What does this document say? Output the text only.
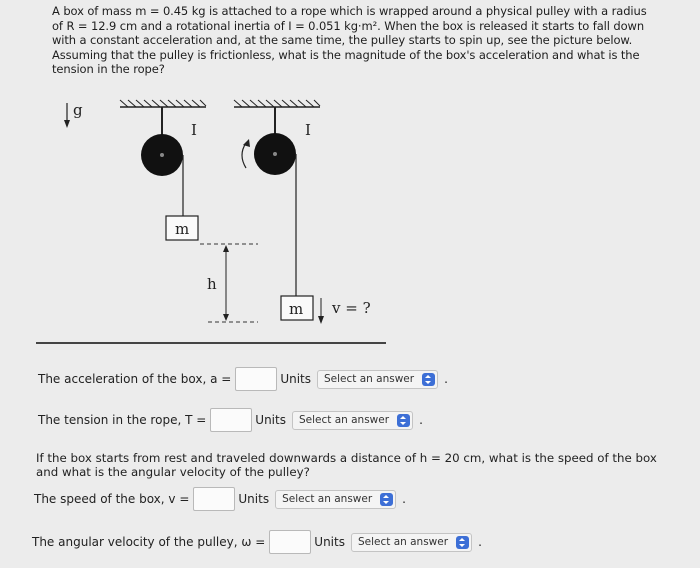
A box of mass m = 0.45 kg is attached to a rope which is wrapped around a physical pulley with a radius of R = 12.9 cm and a rotational inertia of I = 0.051 kg·m². When the box is released it starts to fall down with a constant acceleration and, at the same time, the pulley starts to spin up, see the picture below. Assuming that the pulley is frictionless, what is the magnitude of the box's acceleration and what is the tension in the rope?
g
I
m
h
I
m v = ?
The acceleration of the box, a =	Units Select an answer	.
The tension in the rope, T =	Units Select an answer	.
If the box starts from rest and traveled downwards a distance of h = 20 cm, what is the speed of the box and what is the angular velocity of the pulley?
The speed of the box, v =	Units Select an answer	.
The angular velocity of the pulley, ω =	Units Select an answer	.
